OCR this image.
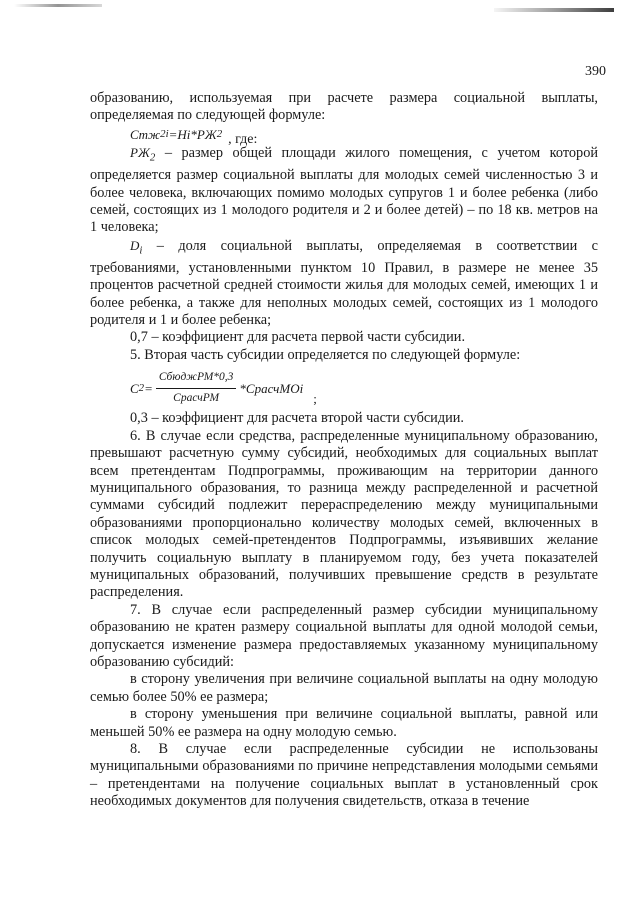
390

образованию, используемая при расчете размера социальной выплаты, определяемая по следующей формуле:

Cтж 2i =Hi*PЖ 2 , где:

$PЖ_2$ – размер общей площади жилого помещения, с учетом которой определяется размер социальной выплаты для молодых семей численностью 3 и более человека, включающих помимо молодых супругов 1 и более ребенка (либо семей, состоящих из 1 молодого родителя и 2 и более детей) – по 18 кв. метров на 1 человека;

$D_i$ – доля социальной выплаты, определяемая в соответствии с требованиями, установленными пунктом 10 Правил, в размере не менее 35 процентов расчетной средней стоимости жилья для молодых семей, имеющих 1 и более ребенка, а также для неполных молодых семей, состоящих из 1 молодого родителя и 1 и более ребенка;

0,7 – коэффициент для расчета первой части субсидии.

5. Вторая часть субсидии определяется по следующей формуле:

C $2 = \frac{\text{CбюджРМ*0,3}}{\text{CрасчРМ}}$ *CрасчМОi
;

0,3 – коэффициент для расчета второй части субсидии.

6. В случае если средства, распределенные муниципальному образованию, превышают расчетную сумму субсидий, необходимых для социальных выплат всем претендентам Подпрограммы, проживающим на территории данного муниципального образования, то разница между распределенной и расчетной суммами субсидий подлежит перераспределению между муниципальными образованиями пропорционально количеству молодых семей, включенных в список молодых семей-претендентов Подпрограммы, изъявивших желание получить социальную выплату в планируемом году, без учета показателей муниципальных образований, получивших превышение средств в результате распределения.

7. В случае если распределенный размер субсидии муниципальному образованию не кратен размеру социальной выплаты для одной молодой семьи, допускается изменение размера предоставляемых указанному муниципальному образованию субсидий:

в сторону увеличения при величине социальной выплаты на одну молодую семью более 50% ее размера;

в сторону уменьшения при величине социальной выплаты, равной или меньшей 50% ее размера на одну молодую семью.

8. В случае если распределенные субсидии не использованы муниципальными образованиями по причине непредставления молодыми семьями – претендентами на получение социальных выплат в установленный срок необходимых документов для получения свидетельств, отказа в течение
